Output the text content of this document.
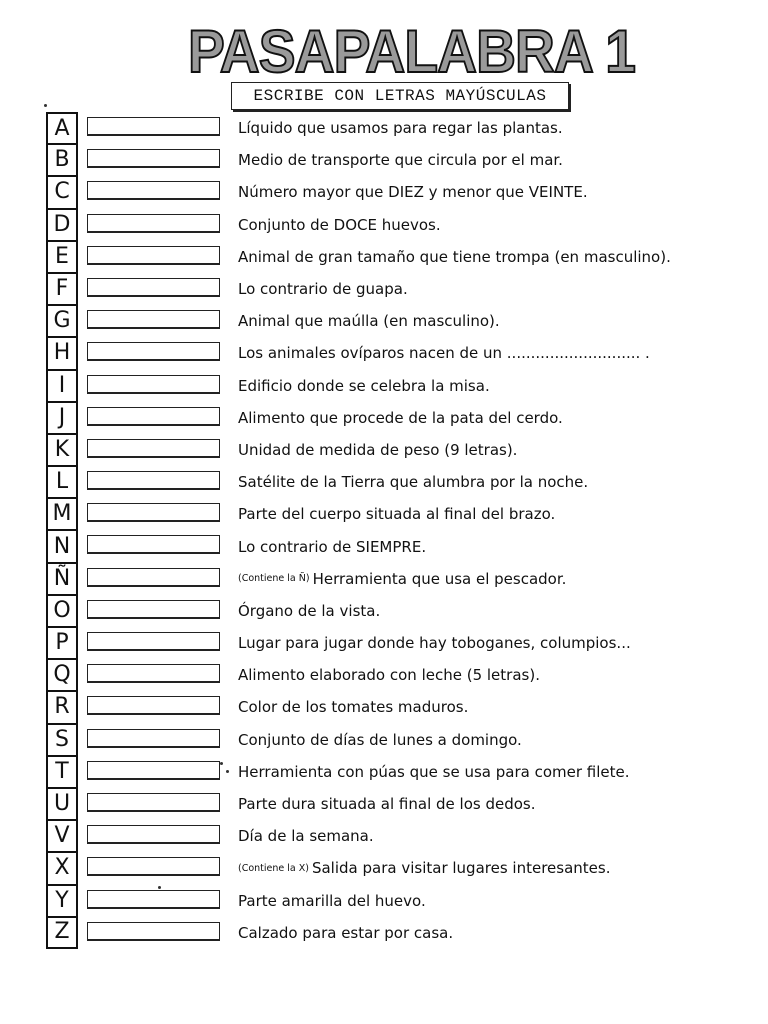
PASAPALABRA 1
ESCRIBE CON LETRAS MAYÚSCULAS
A	Líquido que usamos para regar las plantas.
B	Medio de transporte que circula por el mar.
C	Número mayor que DIEZ y menor que VEINTE.
D	Conjunto de DOCE huevos.
E	Animal de gran tamaño que tiene trompa (en masculino).
F	Lo contrario de guapa.
G	Animal que maúlla (en masculino).
H	Los animales ovíparos nacen de un ............................ .
I	Edificio donde se celebra la misa.
J	Alimento que procede de la pata del cerdo.
K	Unidad de medida de peso (9 letras).
L	Satélite de la Tierra que alumbra por la noche.
M	Parte del cuerpo situada al final del brazo.
N	Lo contrario de SIEMPRE.
Ñ	(Contiene la Ñ) Herramienta que usa el pescador.
O	Órgano de la vista.
P	Lugar para jugar donde hay toboganes, columpios...
Q	Alimento elaborado con leche (5 letras).
R	Color de los tomates maduros.
S	Conjunto de días de lunes a domingo.
T	Herramienta con púas que se usa para comer filete.
U	Parte dura situada al final de los dedos.
V	Día de la semana.
X	(Contiene la X) Salida para visitar lugares interesantes.
Y	Parte amarilla del huevo.
Z	Calzado para estar por casa.
